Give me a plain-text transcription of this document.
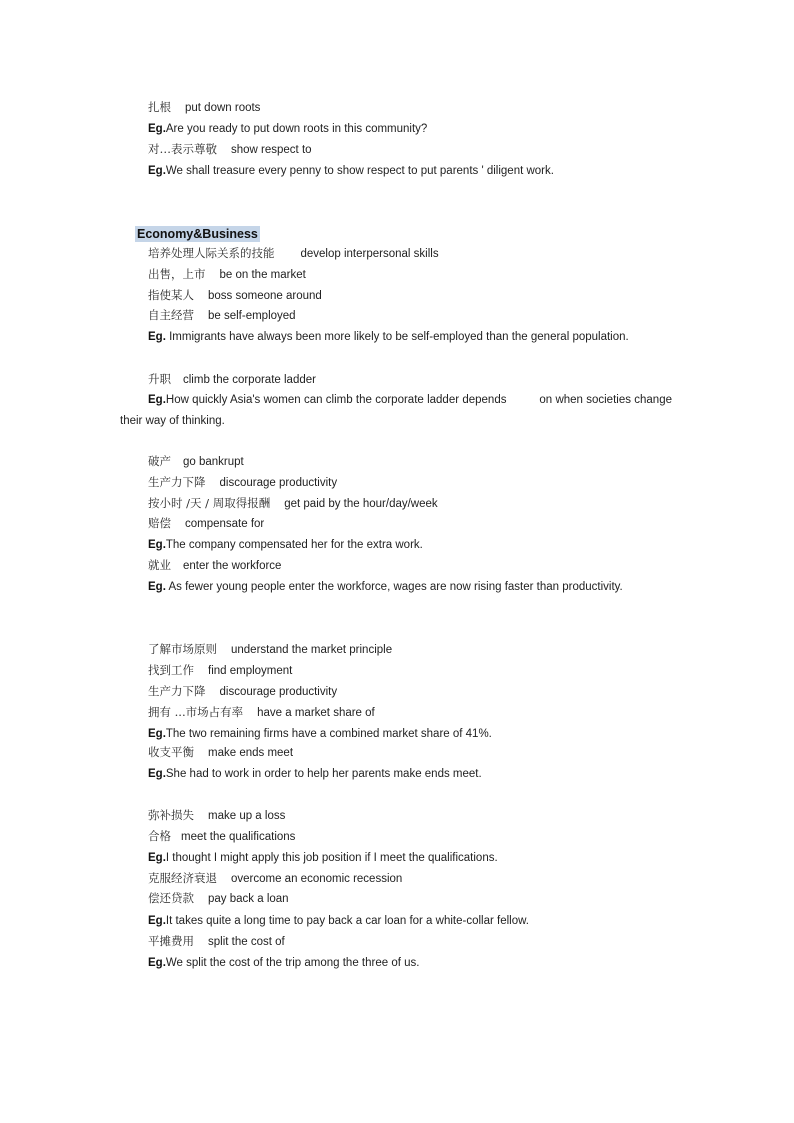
扎根 put down roots
Eg.Are you ready to put down roots in this community?
对…表示尊敬 show respect to
Eg.We shall treasure every penny to show respect to put parents ' diligent work.
Economy&Business
培养处理人际关系的技能 develop interpersonal skills
出售，上市 be on the market
指使某人 boss someone around
自主经营 be self-employed
Eg. Immigrants have always been more likely to be self-employed than the general population.
升职 climb the corporate ladder
Eg.How quickly Asia's women can climb the corporate ladder depends          on when societies change their way of thinking.
破产 go bankrupt
生产力下降 discourage productivity
按小时 /天 / 周取得报酬 get paid by the hour/day/week
赔偿 compensate for
Eg.The company compensated her for the extra work.
就业 enter the workforce
Eg. As fewer young people enter the workforce, wages are now rising faster than productivity.
了解市场原则 understand the market principle
找到工作 find employment
生产力下降 discourage productivity
拥有 ...市场占有率 have a market share of
Eg.The two remaining firms have a combined market share of 41%.
收支平衡 make ends meet
Eg.She had to work in order to help her parents make ends meet.
弥补损失 make up a loss
合格 meet the qualifications
Eg.I thought I might apply this job position if I meet the qualifications.
克服经济衰退 overcome an economic recession
偿还贷款 pay back a loan
Eg.It takes quite a long time to pay back a car loan for a white-collar fellow.
平摊费用 split the cost of
Eg.We split the cost of the trip among the three of us.
